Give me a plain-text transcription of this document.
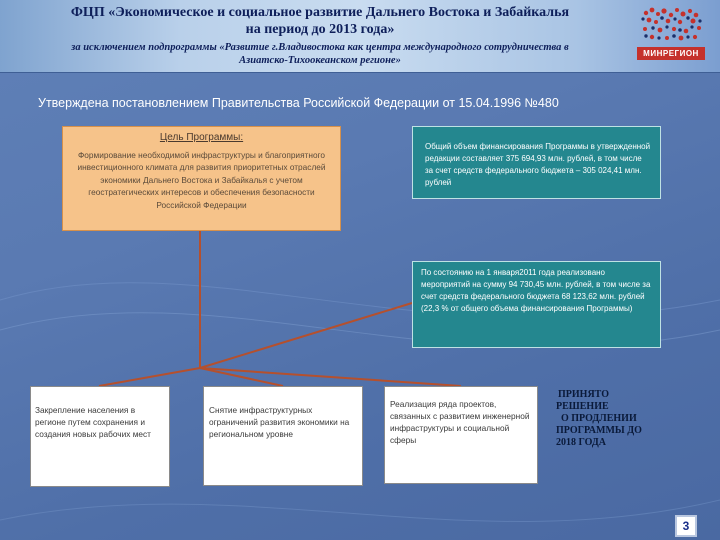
ФЦП «Экономическое и социальное развитие Дальнего Востока и Забайкалья
на период до 2013 года»
за исключением подпрограммы «Развитие г.Владивостока как центра международного сотрудничества в
Азиатско-Тихоокеанском регионе»
МИНРЕГИОН
Утверждена постановлением Правительства Российской Федерации от 15.04.1996 №480
Цель Программы:
Формирование необходимой инфраструктуры и благоприятного инвестиционного климата для развития приоритетных отраслей экономики Дальнего Востока и Забайкалья с учетом геостратегических интересов и обеспечения безопасности Российской Федерации
Общий объем финансирования Программы в утвержденной редакции составляет 375 694,93 млн. рублей, в том числе за счет средств федерального бюджета – 305 024,41 млн. рублей
По состоянию на 1 января2011 года реализовано мероприятий на сумму 94 730,45 млн. рублей, в том числе за счет средств федерального бюджета 68 123,62 млн. рублей (22,3 % от общего объема финансирования Программы)
Закрепление населения в регионе путем сохранения и создания новых рабочих мест
Снятие инфраструктурных ограничений развития экономики на региональном уровне
Реализация ряда проектов, связанных с развитием инженерной инфраструктуры и социальной сферы
ПРИНЯТО
РЕШЕНИЕ
О ПРОДЛЕНИИ
ПРОГРАММЫ ДО
2018 ГОДА
3
